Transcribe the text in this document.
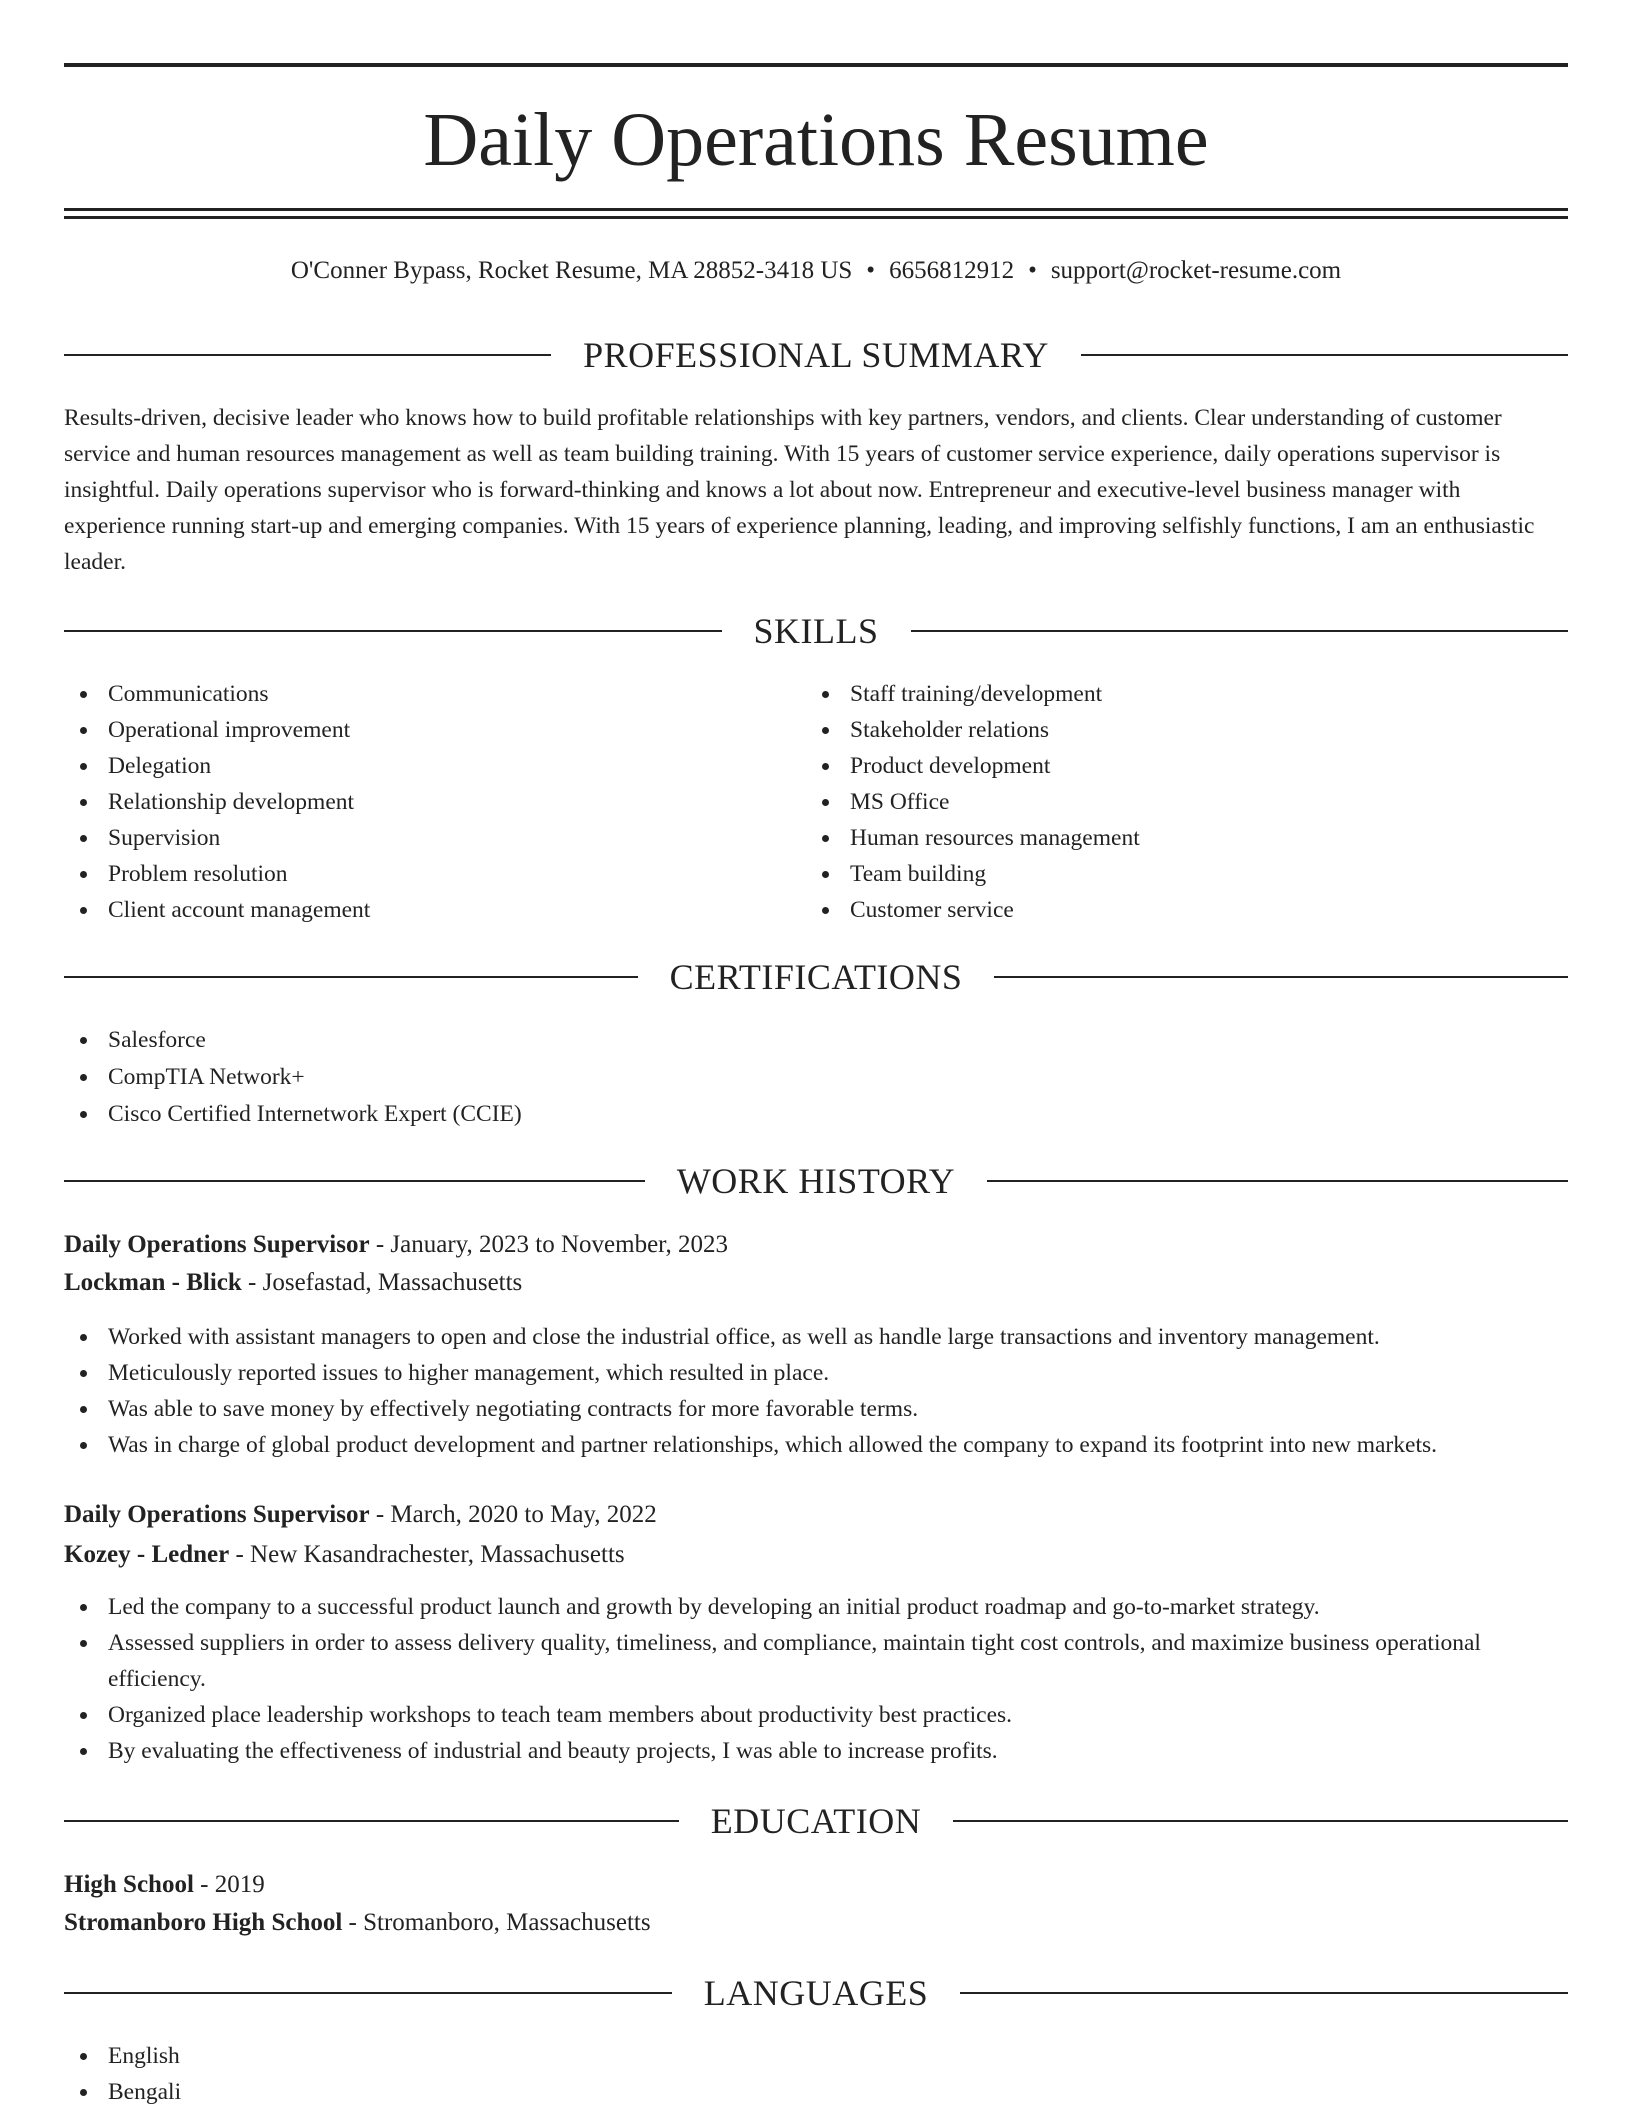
Daily Operations Resume
O'Conner Bypass, Rocket Resume, MA 28852-3418 US • 6656812912 • support@rocket-resume.com
PROFESSIONAL SUMMARY

Results-driven, decisive leader who knows how to build profitable relationships with key partners, vendors, and clients. Clear understanding of customer service and human resources management as well as team building training. With 15 years of customer service experience, daily operations supervisor is insightful. Daily operations supervisor who is forward-thinking and knows a lot about now. Entrepreneur and executive-level business manager with experience running start-up and emerging companies. With 15 years of experience planning, leading, and improving selfishly functions, I am an enthusiastic leader.

SKILLS
Communications
Operational improvement
Delegation
Relationship development
Supervision
Problem resolution
Client account management
Staff training/development
Stakeholder relations
Product development
MS Office
Human resources management
Team building
Customer service
CERTIFICATIONS
Salesforce
CompTIA Network+
Cisco Certified Internetwork Expert (CCIE)
WORK HISTORY
Daily Operations Supervisor - January, 2023 to November, 2023
Lockman - Blick - Josefastad, Massachusetts
Worked with assistant managers to open and close the industrial office, as well as handle large transactions and inventory management.
Meticulously reported issues to higher management, which resulted in place.
Was able to save money by effectively negotiating contracts for more favorable terms.
Was in charge of global product development and partner relationships, which allowed the company to expand its footprint into new markets.
Daily Operations Supervisor - March, 2020 to May, 2022
Kozey - Ledner - New Kasandrachester, Massachusetts
Led the company to a successful product launch and growth by developing an initial product roadmap and go-to-market strategy.
Assessed suppliers in order to assess delivery quality, timeliness, and compliance, maintain tight cost controls, and maximize business operational efficiency.
Organized place leadership workshops to teach team members about productivity best practices.
By evaluating the effectiveness of industrial and beauty projects, I was able to increase profits.
EDUCATION
High School - 2019
Stromanboro High School - Stromanboro, Massachusetts
LANGUAGES
English
Bengali
